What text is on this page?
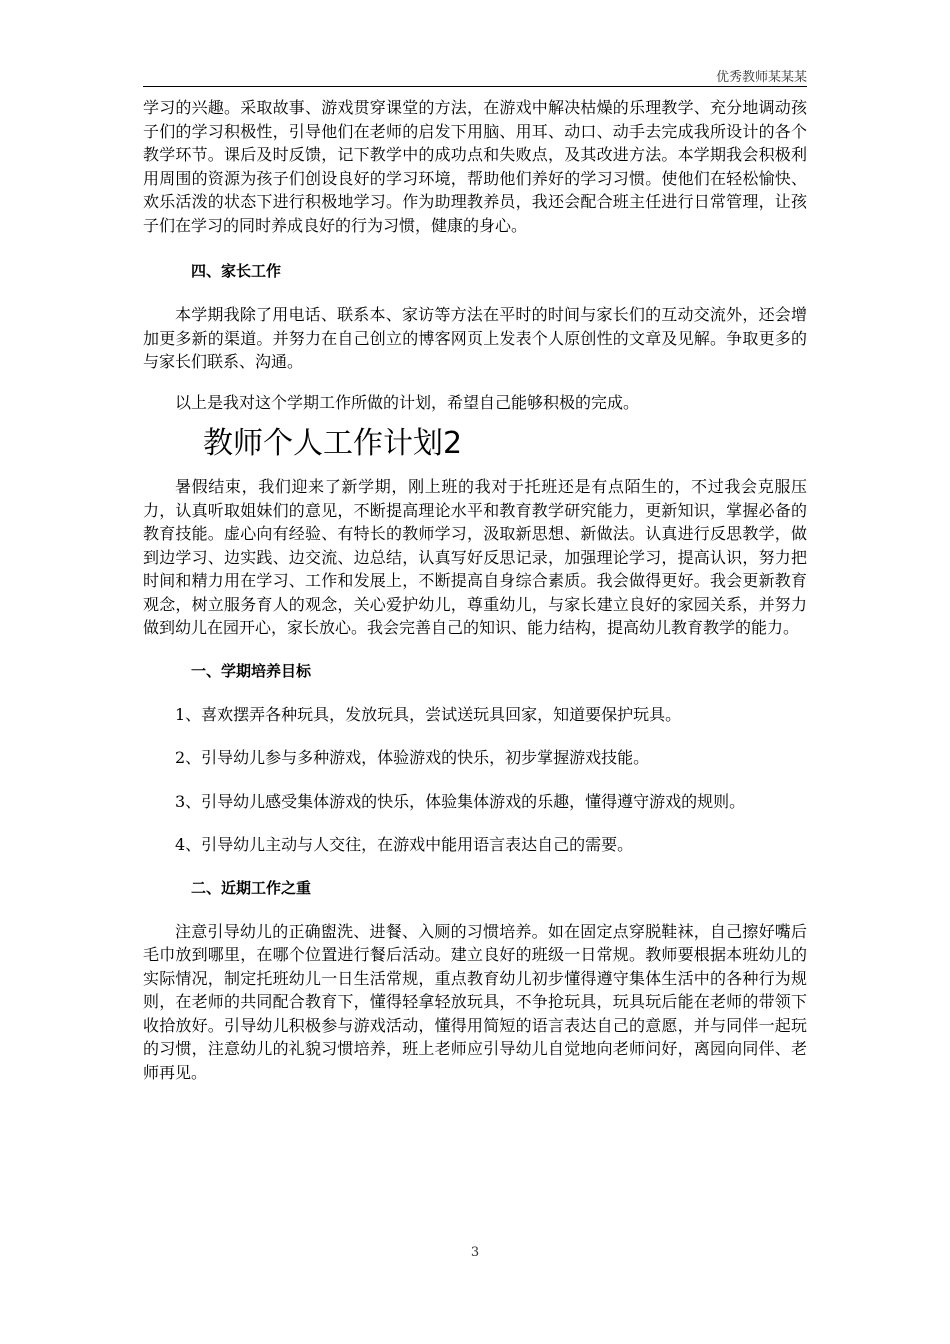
优秀教师某某某

学习的兴趣。采取故事、游戏贯穿课堂的方法，在游戏中解决枯燥的乐理教学、充分地调动孩子们的学习积极性，引导他们在老师的启发下用脑、用耳、动口、动手去完成我所设计的各个教学环节。课后及时反馈，记下教学中的成功点和失败点，及其改进方法。本学期我会积极利用周围的资源为孩子们创设良好的学习环境，帮助他们养好的学习习惯。使他们在轻松愉快、欢乐活泼的状态下进行积极地学习。作为助理教养员，我还会配合班主任进行日常管理，让孩子们在学习的同时养成良好的行为习惯，健康的身心。

四、家长工作

本学期我除了用电话、联系本、家访等方法在平时的时间与家长们的互动交流外，还会增加更多新的渠道。并努力在自己创立的博客网页上发表个人原创性的文章及见解。争取更多的与家长们联系、沟通。

以上是我对这个学期工作所做的计划，希望自己能够积极的完成。

教师个人工作计划2

暑假结束，我们迎来了新学期，刚上班的我对于托班还是有点陌生的，不过我会克服压力，认真听取姐妹们的意见，不断提高理论水平和教育教学研究能力，更新知识，掌握必备的教育技能。虚心向有经验、有特长的教师学习，汲取新思想、新做法。认真进行反思教学，做到边学习、边实践、边交流、边总结，认真写好反思记录，加强理论学习，提高认识，努力把时间和精力用在学习、工作和发展上，不断提高自身综合素质。我会做得更好。我会更新教育观念，树立服务育人的观念，关心爱护幼儿，尊重幼儿，与家长建立良好的家园关系，并努力做到幼儿在园开心，家长放心。我会完善自己的知识、能力结构，提高幼儿教育教学的能力。

一、学期培养目标

1、喜欢摆弄各种玩具，发放玩具，尝试送玩具回家，知道要保护玩具。

2、引导幼儿参与多种游戏，体验游戏的快乐，初步掌握游戏技能。

3、引导幼儿感受集体游戏的快乐，体验集体游戏的乐趣，懂得遵守游戏的规则。

4、引导幼儿主动与人交往，在游戏中能用语言表达自己的需要。

二、近期工作之重

注意引导幼儿的正确盥洗、进餐、入厕的习惯培养。如在固定点穿脱鞋袜，自己擦好嘴后毛巾放到哪里，在哪个位置进行餐后活动。建立良好的班级一日常规。教师要根据本班幼儿的实际情况，制定托班幼儿一日生活常规，重点教育幼儿初步懂得遵守集体生活中的各种行为规则，在老师的共同配合教育下，懂得轻拿轻放玩具，不争抢玩具，玩具玩后能在老师的带领下收拾放好。引导幼儿积极参与游戏活动，懂得用简短的语言表达自己的意愿，并与同伴一起玩的习惯，注意幼儿的礼貌习惯培养，班上老师应引导幼儿自觉地向老师问好，离园向同伴、老师再见。

3
